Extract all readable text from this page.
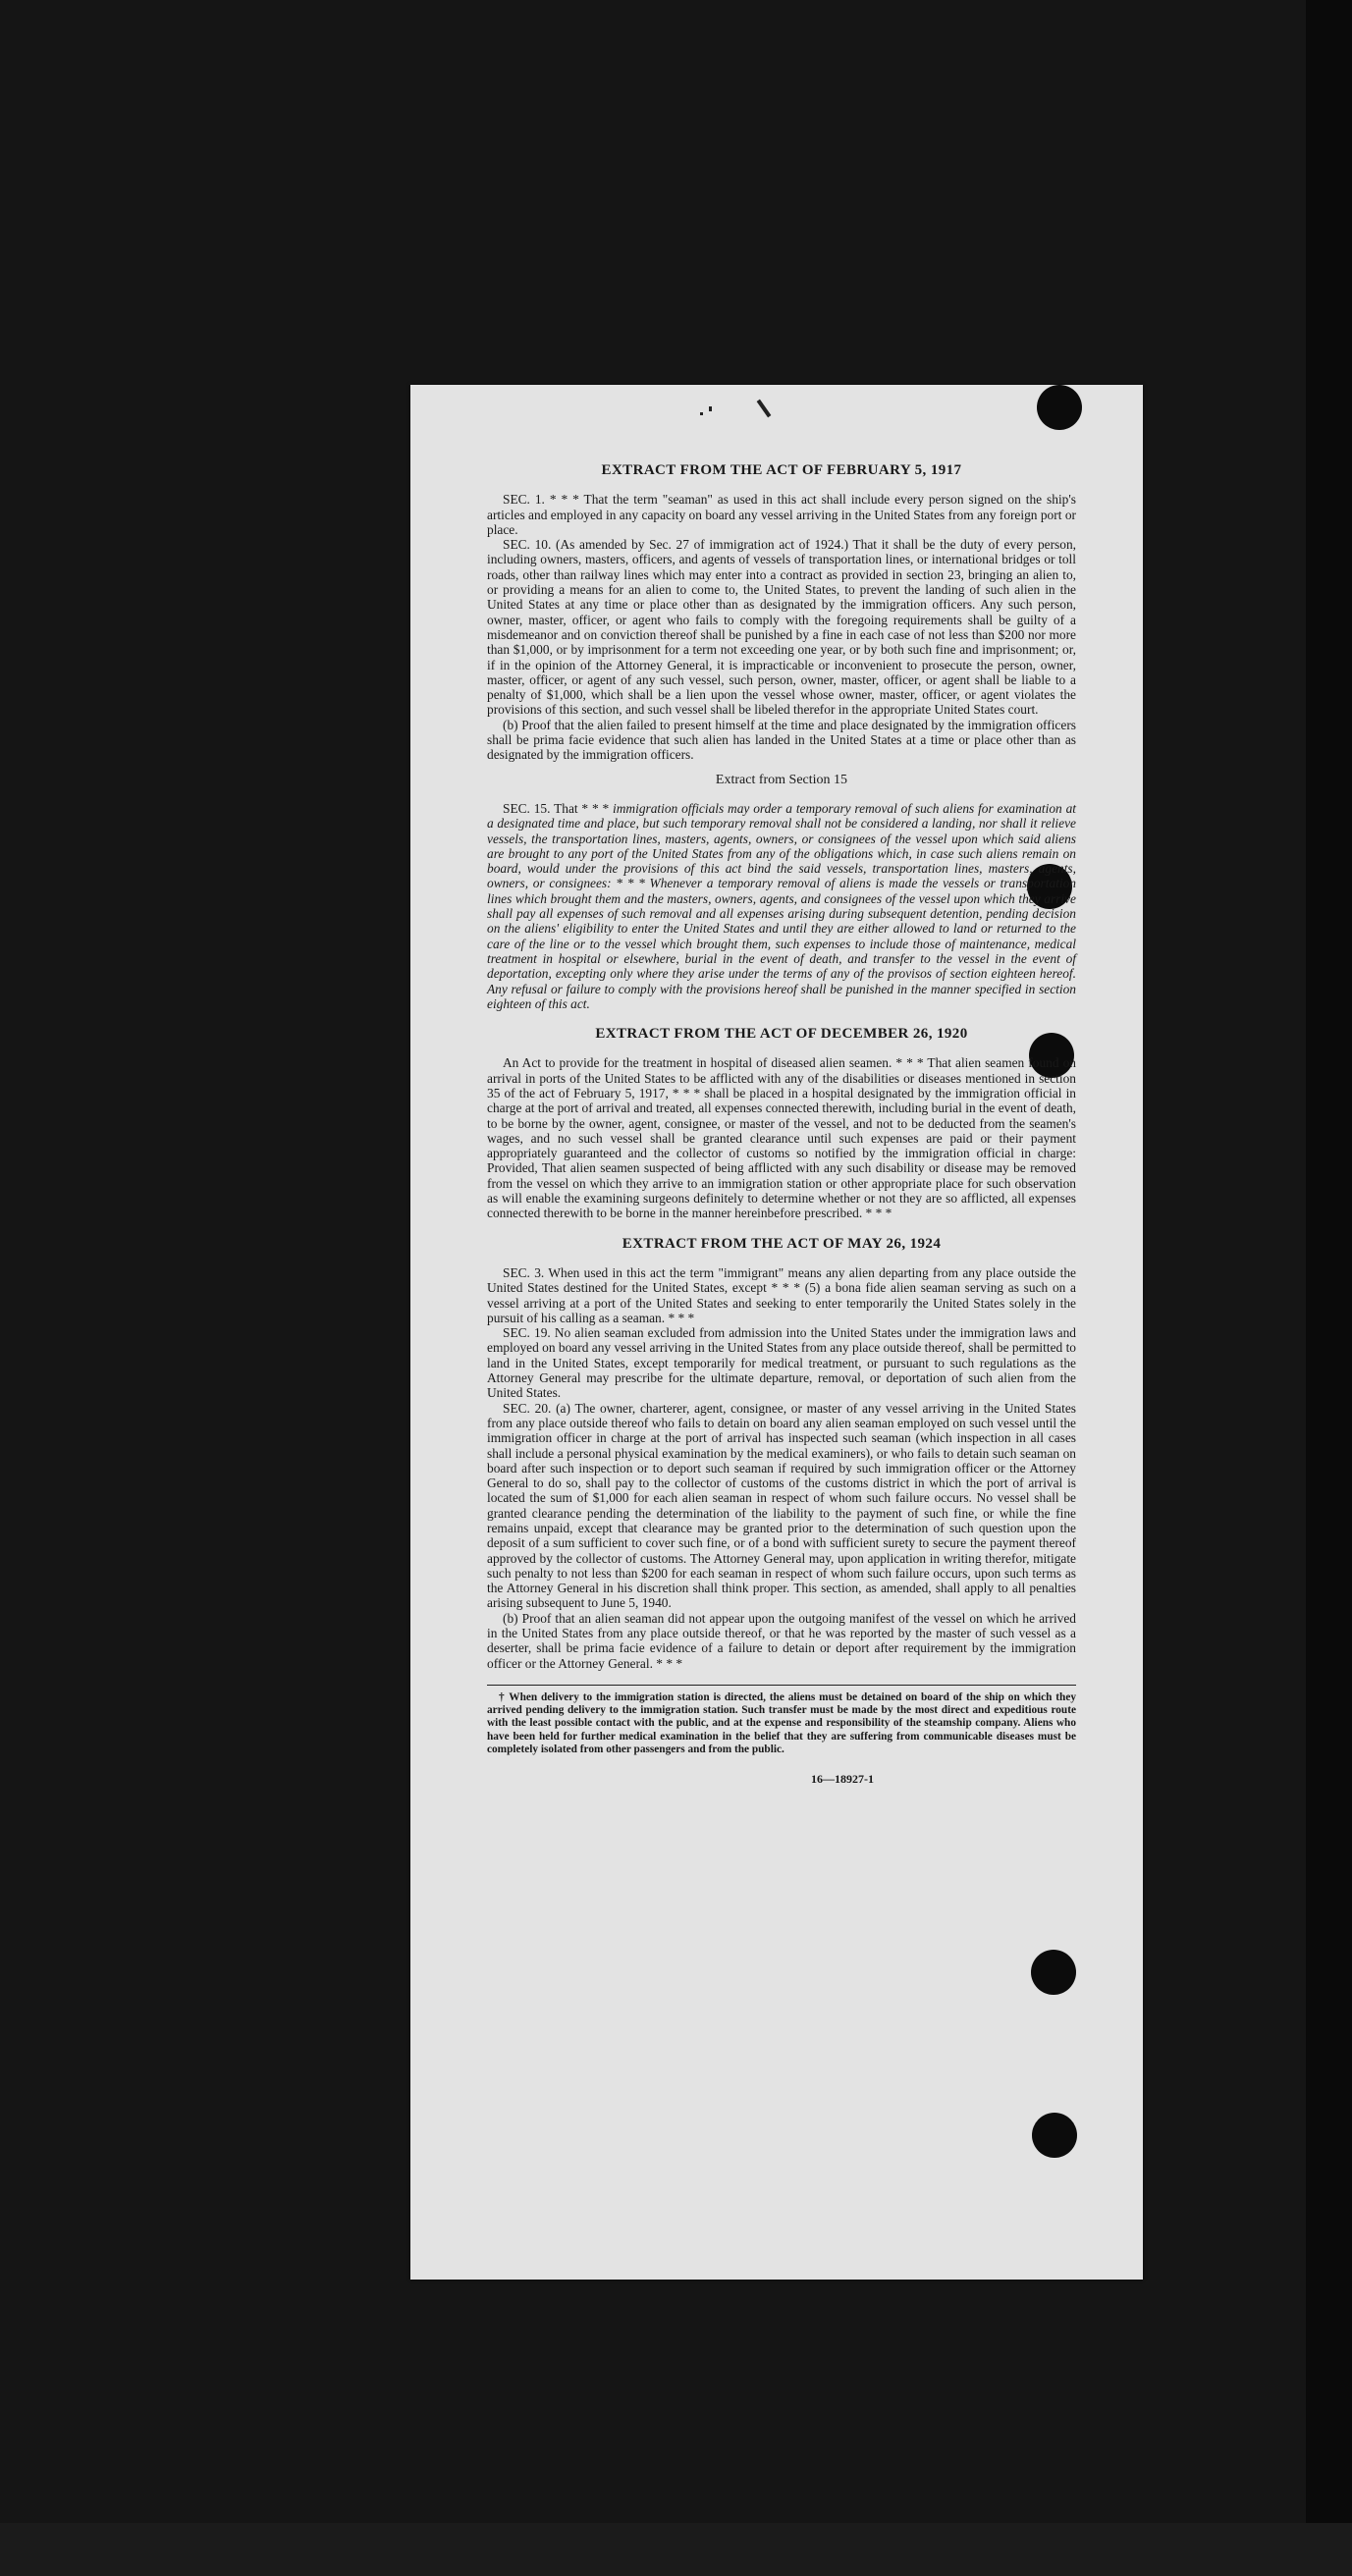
EXTRACT FROM THE ACT OF FEBRUARY 5, 1917

SEC. 1. * * * That the term "seaman" as used in this act shall include every person signed on the ship's articles and employed in any capacity on board any vessel arriving in the United States from any foreign port or place.

SEC. 10. (As amended by Sec. 27 of immigration act of 1924.) That it shall be the duty of every person, including owners, masters, officers, and agents of vessels of transportation lines, or international bridges or toll roads, other than railway lines which may enter into a contract as provided in section 23, bringing an alien to, or providing a means for an alien to come to, the United States, to prevent the landing of such alien in the United States at any time or place other than as designated by the immigration officers. Any such person, owner, master, officer, or agent who fails to comply with the foregoing requirements shall be guilty of a misdemeanor and on conviction thereof shall be punished by a fine in each case of not less than $200 nor more than $1,000, or by imprisonment for a term not exceeding one year, or by both such fine and imprisonment; or, if in the opinion of the Attorney General, it is impracticable or inconvenient to prosecute the person, owner, master, officer, or agent of any such vessel, such person, owner, master, officer, or agent shall be liable to a penalty of $1,000, which shall be a lien upon the vessel whose owner, master, officer, or agent violates the provisions of this section, and such vessel shall be libeled therefor in the appropriate United States court.

(b) Proof that the alien failed to present himself at the time and place designated by the immigration officers shall be prima facie evidence that such alien has landed in the United States at a time or place other than as designated by the immigration officers.

Extract from Section 15

SEC. 15. That * * * immigration officials may order a temporary removal of such aliens for examination at a designated time and place, but such temporary removal shall not be considered a landing, nor shall it relieve vessels, the transportation lines, masters, agents, owners, or consignees of the vessel upon which said aliens are brought to any port of the United States from any of the obligations which, in case such aliens remain on board, would under the provisions of this act bind the said vessels, transportation lines, masters, agents, owners, or consignees: * * * Whenever a temporary removal of aliens is made the vessels or transportation lines which brought them and the masters, owners, agents, and consignees of the vessel upon which they arrive shall pay all expenses of such removal and all expenses arising during subsequent detention, pending decision on the aliens' eligibility to enter the United States and until they are either allowed to land or returned to the care of the line or to the vessel which brought them, such expenses to include those of maintenance, medical treatment in hospital or elsewhere, burial in the event of death, and transfer to the vessel in the event of deportation, excepting only where they arise under the terms of any of the provisos of section eighteen hereof. Any refusal or failure to comply with the provisions hereof shall be punished in the manner specified in section eighteen of this act.

EXTRACT FROM THE ACT OF DECEMBER 26, 1920

An Act to provide for the treatment in hospital of diseased alien seamen. * * * That alien seamen found on arrival in ports of the United States to be afflicted with any of the disabilities or diseases mentioned in section 35 of the act of February 5, 1917, * * * shall be placed in a hospital designated by the immigration official in charge at the port of arrival and treated, all expenses connected therewith, including burial in the event of death, to be borne by the owner, agent, consignee, or master of the vessel, and not to be deducted from the seamen's wages, and no such vessel shall be granted clearance until such expenses are paid or their payment appropriately guaranteed and the collector of customs so notified by the immigration official in charge: Provided, That alien seamen suspected of being afflicted with any such disability or disease may be removed from the vessel on which they arrive to an immigration station or other appropriate place for such observation as will enable the examining surgeons definitely to determine whether or not they are so afflicted, all expenses connected therewith to be borne in the manner hereinbefore prescribed. * * *

EXTRACT FROM THE ACT OF MAY 26, 1924

SEC. 3. When used in this act the term "immigrant" means any alien departing from any place outside the United States destined for the United States, except * * * (5) a bona fide alien seaman serving as such on a vessel arriving at a port of the United States and seeking to enter temporarily the United States solely in the pursuit of his calling as a seaman. * * *

SEC. 19. No alien seaman excluded from admission into the United States under the immigration laws and employed on board any vessel arriving in the United States from any place outside thereof, shall be permitted to land in the United States, except temporarily for medical treatment, or pursuant to such regulations as the Attorney General may prescribe for the ultimate departure, removal, or deportation of such alien from the United States.

SEC. 20. (a) The owner, charterer, agent, consignee, or master of any vessel arriving in the United States from any place outside thereof who fails to detain on board any alien seaman employed on such vessel until the immigration officer in charge at the port of arrival has inspected such seaman (which inspection in all cases shall include a personal physical examination by the medical examiners), or who fails to detain such seaman on board after such inspection or to deport such seaman if required by such immigration officer or the Attorney General to do so, shall pay to the collector of customs of the customs district in which the port of arrival is located the sum of $1,000 for each alien seaman in respect of whom such failure occurs. No vessel shall be granted clearance pending the determination of the liability to the payment of such fine, or while the fine remains unpaid, except that clearance may be granted prior to the determination of such question upon the deposit of a sum sufficient to cover such fine, or of a bond with sufficient surety to secure the payment thereof approved by the collector of customs. The Attorney General may, upon application in writing therefor, mitigate such penalty to not less than $200 for each seaman in respect of whom such failure occurs, upon such terms as the Attorney General in his discretion shall think proper. This section, as amended, shall apply to all penalties arising subsequent to June 5, 1940.

(b) Proof that an alien seaman did not appear upon the outgoing manifest of the vessel on which he arrived in the United States from any place outside thereof, or that he was reported by the master of such vessel as a deserter, shall be prima facie evidence of a failure to detain or deport after requirement by the immigration officer or the Attorney General. * * *

† When delivery to the immigration station is directed, the aliens must be detained on board of the ship on which they arrived pending delivery to the immigration station. Such transfer must be made by the most direct and expeditious route with the least possible contact with the public, and at the expense and responsibility of the steamship company. Aliens who have been held for further medical examination in the belief that they are suffering from communicable diseases must be completely isolated from other passengers and from the public.

16—18927-1
